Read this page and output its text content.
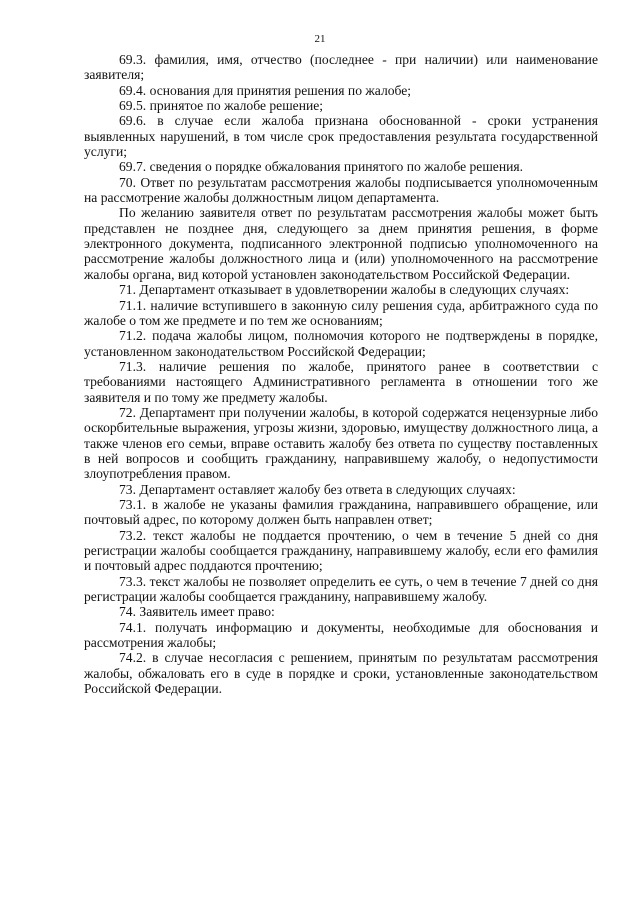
21

69.3. фамилия, имя, отчество (последнее - при наличии) или наименование заявителя;

69.4. основания для принятия решения по жалобе;

69.5. принятое по жалобе решение;

69.6. в случае если жалоба признана обоснованной - сроки устранения выявленных нарушений, в том числе срок предоставления результата государственной услуги;

69.7. сведения о порядке обжалования принятого по жалобе решения.

70. Ответ по результатам рассмотрения жалобы подписывается уполномоченным на рассмотрение жалобы должностным лицом департамента.

По желанию заявителя ответ по результатам рассмотрения жалобы может быть представлен не позднее дня, следующего за днем принятия решения, в форме электронного документа, подписанного электронной подписью уполномоченного на рассмотрение жалобы должностного лица и (или) уполномоченного на рассмотрение жалобы органа, вид которой установлен законодательством Российской Федерации.

71. Департамент отказывает в удовлетворении жалобы в следующих случаях:

71.1. наличие вступившего в законную силу решения суда, арбитражного суда по жалобе о том же предмете и по тем же основаниям;

71.2. подача жалобы лицом, полномочия которого не подтверждены в порядке, установленном законодательством Российской Федерации;

71.3. наличие решения по жалобе, принятого ранее в соответствии с требованиями настоящего Административного регламента в отношении того же заявителя и по тому же предмету жалобы.

72. Департамент при получении жалобы, в которой содержатся нецензурные либо оскорбительные выражения, угрозы жизни, здоровью, имуществу должностного лица, а также членов его семьи, вправе оставить жалобу без ответа по существу поставленных в ней вопросов и сообщить гражданину, направившему жалобу, о недопустимости злоупотребления правом.

73. Департамент оставляет жалобу без ответа в следующих случаях:

73.1. в жалобе не указаны фамилия гражданина, направившего обращение, или почтовый адрес, по которому должен быть направлен ответ;

73.2. текст жалобы не поддается прочтению, о чем в течение 5 дней со дня регистрации жалобы сообщается гражданину, направившему жалобу, если его фамилия и почтовый адрес поддаются прочтению;

73.3. текст жалобы не позволяет определить ее суть, о чем в течение 7 дней со дня регистрации жалобы сообщается гражданину, направившему жалобу.

74. Заявитель имеет право:

74.1. получать информацию и документы, необходимые для обоснования и рассмотрения жалобы;

74.2. в случае несогласия с решением, принятым по результатам рассмотрения жалобы, обжаловать его в суде в порядке и сроки, установленные законодательством Российской Федерации.
